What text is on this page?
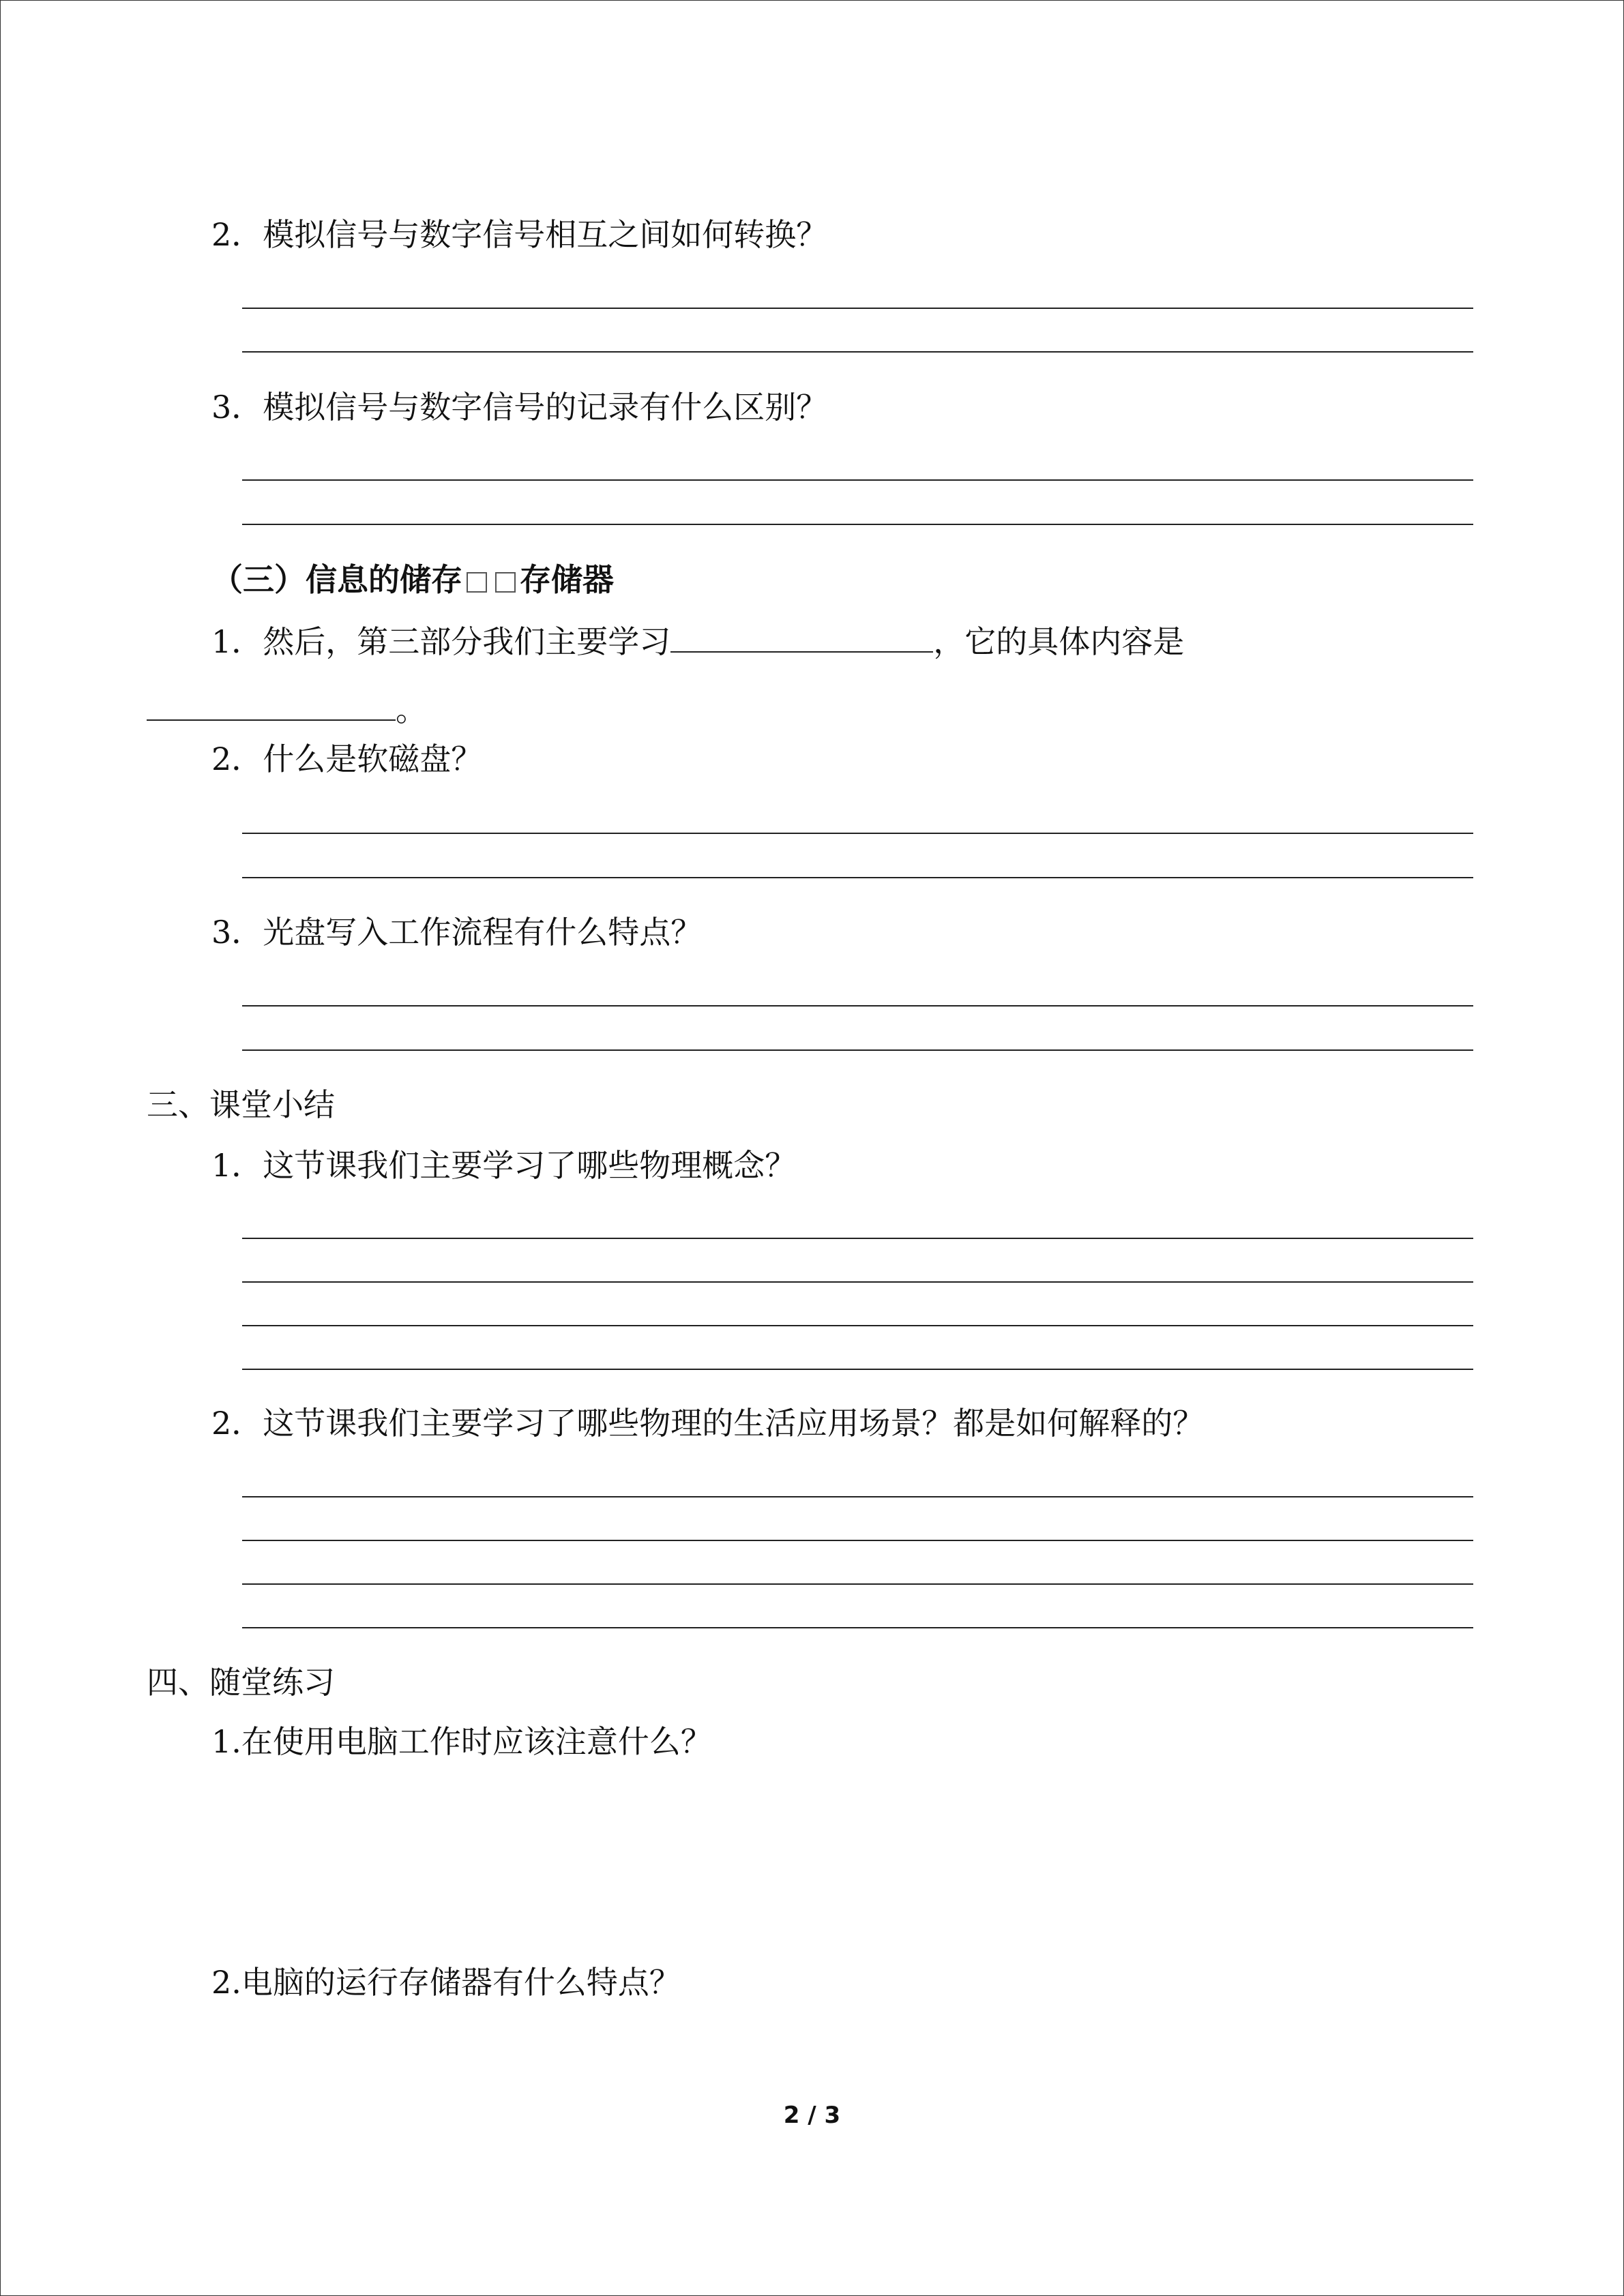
2．模拟信号与数字信号相互之间如何转换？
3．模拟信号与数字信号的记录有什么区别？
（三）信息的储存 存储器
1．然后，第三部分我们主要学习	，它的具体内容是
。
2．什么是软磁盘？
3．光盘写入工作流程有什么特点？
三、课堂小结
1．这节课我们主要学习了哪些物理概念？
2．这节课我们主要学习了哪些物理的生活应用场景？都是如何解释的？
四、随堂练习
1.在使用电脑工作时应该注意什么？
2.电脑的运行存储器有什么特点？
2 / 3
